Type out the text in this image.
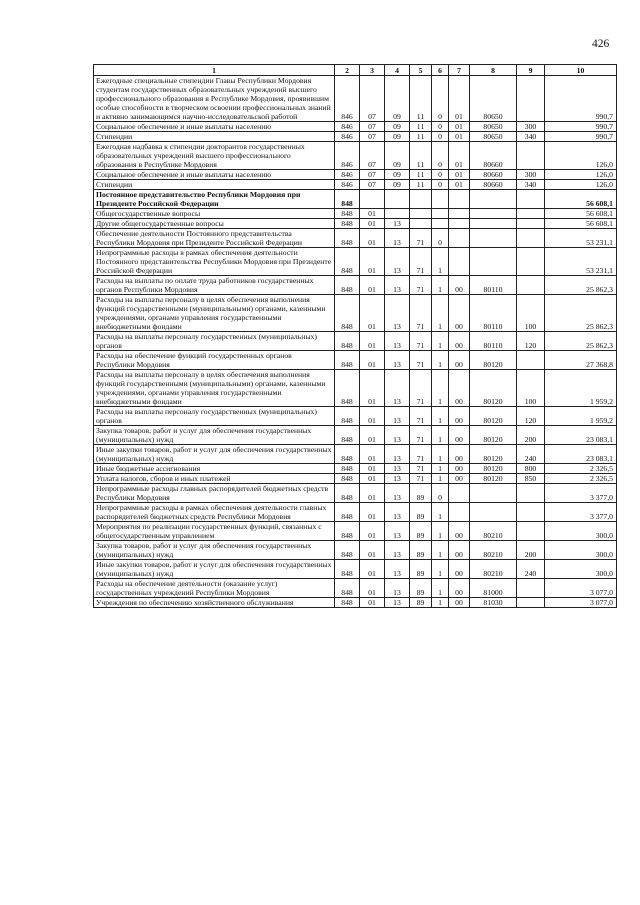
426
1	2	3	4	5	6	7	8	9	10
Ежегодные специальные стипендии Главы Республики Мордовия студентам государственных образовательных учреждений высшего профессионального образования в Республике Мордовия, проявившим особые способности в творческом освоении профессиональных знаний и активно занимающимся научно-исследовательской работой	846	07	09	11	0	01	80650		990,7
Социальное обеспечение и иные выплаты населению	846	07	09	11	0	01	80650	300	990,7
Стипендии	846	07	09	11	0	01	80650	340	990,7
Ежегодная надбавка к стипендии докторантов государственных образовательных учреждений высшего профессионального образования в Республике Мордовия	846	07	09	11	0	01	80660		126,0
Социальное обеспечение и иные выплаты населению	846	07	09	11	0	01	80660	300	126,0
Стипендии	846	07	09	11	0	01	80660	340	126,0
Постоянное представительство Республики Мордовия при Президенте Российской Федерации	848								56 608,1
Общегосударственные вопросы	848	01							56 608,1
Другие общегосударственные вопросы	848	01	13						56 608,1
Обеспечение деятельности Постоянного представительства Республики Мордовия при Президенте Российской Федерации	848	01	13	71	0				53 231,1
Непрограммные расходы в рамках обеспечения деятельности Постоянного представительства Республики Мордовия при Президенте Российской Федерации	848	01	13	71	1				53 231,1
Расходы на выплаты по оплате труда работников государственных органов Республики Мордовия	848	01	13	71	1	00	80110		25 862,3
Расходы на выплаты персоналу в целях обеспечения выполнения функций государственными (муниципальными) органами, казенными учреждениями, органами управления государственными внебюджетными фондами	848	01	13	71	1	00	80110	100	25 862,3
Расходы на выплаты персоналу государственных (муниципальных) органов	848	01	13	71	1	00	80110	120	25 862,3
Расходы на обеспечение функций государственных органов Республики Мордовия	848	01	13	71	1	00	80120		27 368,8
Расходы на выплаты персоналу в целях обеспечения выполнения функций государственными (муниципальными) органами, казенными учреждениями, органами управления государственными внебюджетными фондами	848	01	13	71	1	00	80120	100	1 959,2
Расходы на выплаты персоналу государственных (муниципальных) органов	848	01	13	71	1	00	80120	120	1 959,2
Закупка товаров, работ и услуг для обеспечения государственных (муниципальных) нужд	848	01	13	71	1	00	80120	200	23 083,1
Иные закупки товаров, работ и услуг для обеспечения государственных (муниципальных) нужд	848	01	13	71	1	00	80120	240	23 083,1
Иные бюджетные ассигнования	848	01	13	71	1	00	80120	800	2 326,5
Уплата налогов, сборов и иных платежей	848	01	13	71	1	00	80120	850	2 326,5
Непрограммные расходы главных распорядителей бюджетных средств Республики Мордовия	848	01	13	89	0				3 377,0
Непрограммные расходы в рамках обеспечения деятельности главных распорядителей бюджетных средств Республики Мордовия	848	01	13	89	1				3 377,0
Мероприятия по реализации государственных функций, связанных с общегосударственным управлением	848	01	13	89	1	00	80210		300,0
Закупка товаров, работ и услуг для обеспечения государственных (муниципальных) нужд	848	01	13	89	1	00	80210	200	300,0
Иные закупки товаров, работ и услуг для обеспечения государственных (муниципальных) нужд	848	01	13	89	1	00	80210	240	300,0
Расходы на обеспечение деятельности (оказание услуг) государственных учреждений Республики Мордовия	848	01	13	89	1	00	81000		3 077,0
Учреждения по обеспечению хозяйственного обслуживания	848	01	13	89	1	00	81030		3 077,0
